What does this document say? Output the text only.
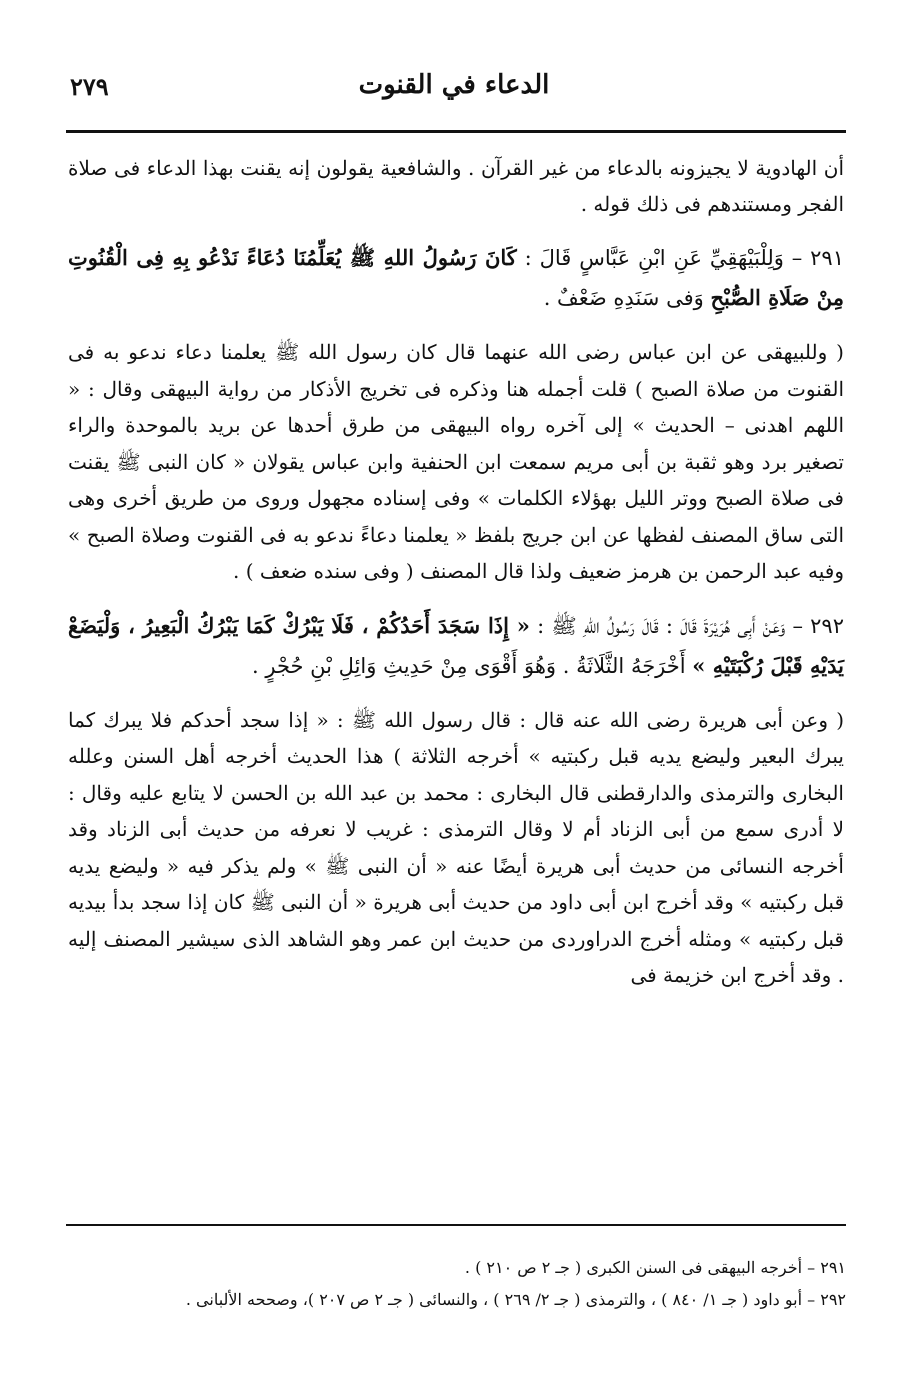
٢٧٩	الدعاء في القنوت

أن الهادوية لا يجيزونه بالدعاء من غير القرآن . والشافعية يقولون إنه يقنت بهذا الدعاء فى صلاة الفجر ومستندهم فى ذلك قوله .

٢٩١ – وَلِلْبَيْهَقِيِّ عَنِ ابْنِ عَبَّاسٍ قَالَ : كَانَ رَسُولُ اللهِ ﷺ يُعَلِّمُنَا دُعَاءً نَدْعُو بِهِ فِى الْقُنُوتِ مِنْ صَلَاةِ الصُّبْحِ وَفى سَنَدِهِ ضَعْفٌ .

( وللبيهقى عن ابن عباس رضى الله عنهما قال كان رسول الله ﷺ يعلمنا دعاء ندعو به فى القنوت من صلاة الصبح ) قلت أجمله هنا وذكره فى تخريج الأذكار من رواية البيهقى وقال : « اللهم اهدنى – الحديث » إلى آخره رواه البيهقى من طرق أحدها عن بريد بالموحدة والراء تصغير برد وهو ثقبة بن أبى مريم سمعت ابن الحنفية وابن عباس يقولان « كان النبى ﷺ يقنت فى صلاة الصبح ووتر الليل بهؤلاء الكلمات » وفى إسناده مجهول وروى من طريق أخرى وهى التى ساق المصنف لفظها عن ابن جريج بلفظ « يعلمنا دعاءً ندعو به فى القنوت وصلاة الصبح » وفيه عبد الرحمن بن هرمز ضعيف ولذا قال المصنف ( وفى سنده ضعف ) .

٢٩٢ – وَعَنْ أَبِى هُرَيْرَةَ قَالَ : قَالَ رَسُولُ اللهِ ﷺ : « إِذَا سَجَدَ أَحَدُكُمْ ، فَلَا يَبْرُكْ كَمَا يَبْرُكُ الْبَعِيرُ ، وَلْيَضَعْ يَدَيْهِ قَبْلَ رُكْبَتَيْهِ » أَخْرَجَهُ الثَّلَاثَةُ . وَهُوَ أَقْوَى مِنْ حَدِيثِ وَائِلِ بْنِ حُجْرٍ .

( وعن أبى هريرة رضى الله عنه قال : قال رسول الله ﷺ : « إذا سجد أحدكم فلا يبرك كما يبرك البعير وليضع يديه قبل ركبتيه » أخرجه الثلاثة ) هذا الحديث أخرجه أهل السنن وعلله البخارى والترمذى والدارقطنى قال البخارى : محمد بن عبد الله بن الحسن لا يتابع عليه وقال : لا أدرى سمع من أبى الزناد أم لا وقال الترمذى : غريب لا نعرفه من حديث أبى الزناد وقد أخرجه النسائى من حديث أبى هريرة أيضًا عنه « أن النبى ﷺ » ولم يذكر فيه « وليضع يديه قبل ركبتيه » وقد أخرج ابن أبى داود من حديث أبى هريرة « أن النبى ﷺ كان إذا سجد بدأ بيديه قبل ركبتيه » ومثله أخرج الدراوردى من حديث ابن عمر وهو الشاهد الذى سيشير المصنف إليه . وقد أخرج ابن خزيمة فى

٢٩١ – أخرجه البيهقى فى السنن الكبرى ( جـ ٢ ص ٢١٠ ) .

٢٩٢ – أبو داود ( جـ ١/ ٨٤٠ ) ، والترمذى ( جـ ٢/ ٢٦٩ ) ، والنسائى ( جـ ٢ ص ٢٠٧ )، وصححه الألبانى .
